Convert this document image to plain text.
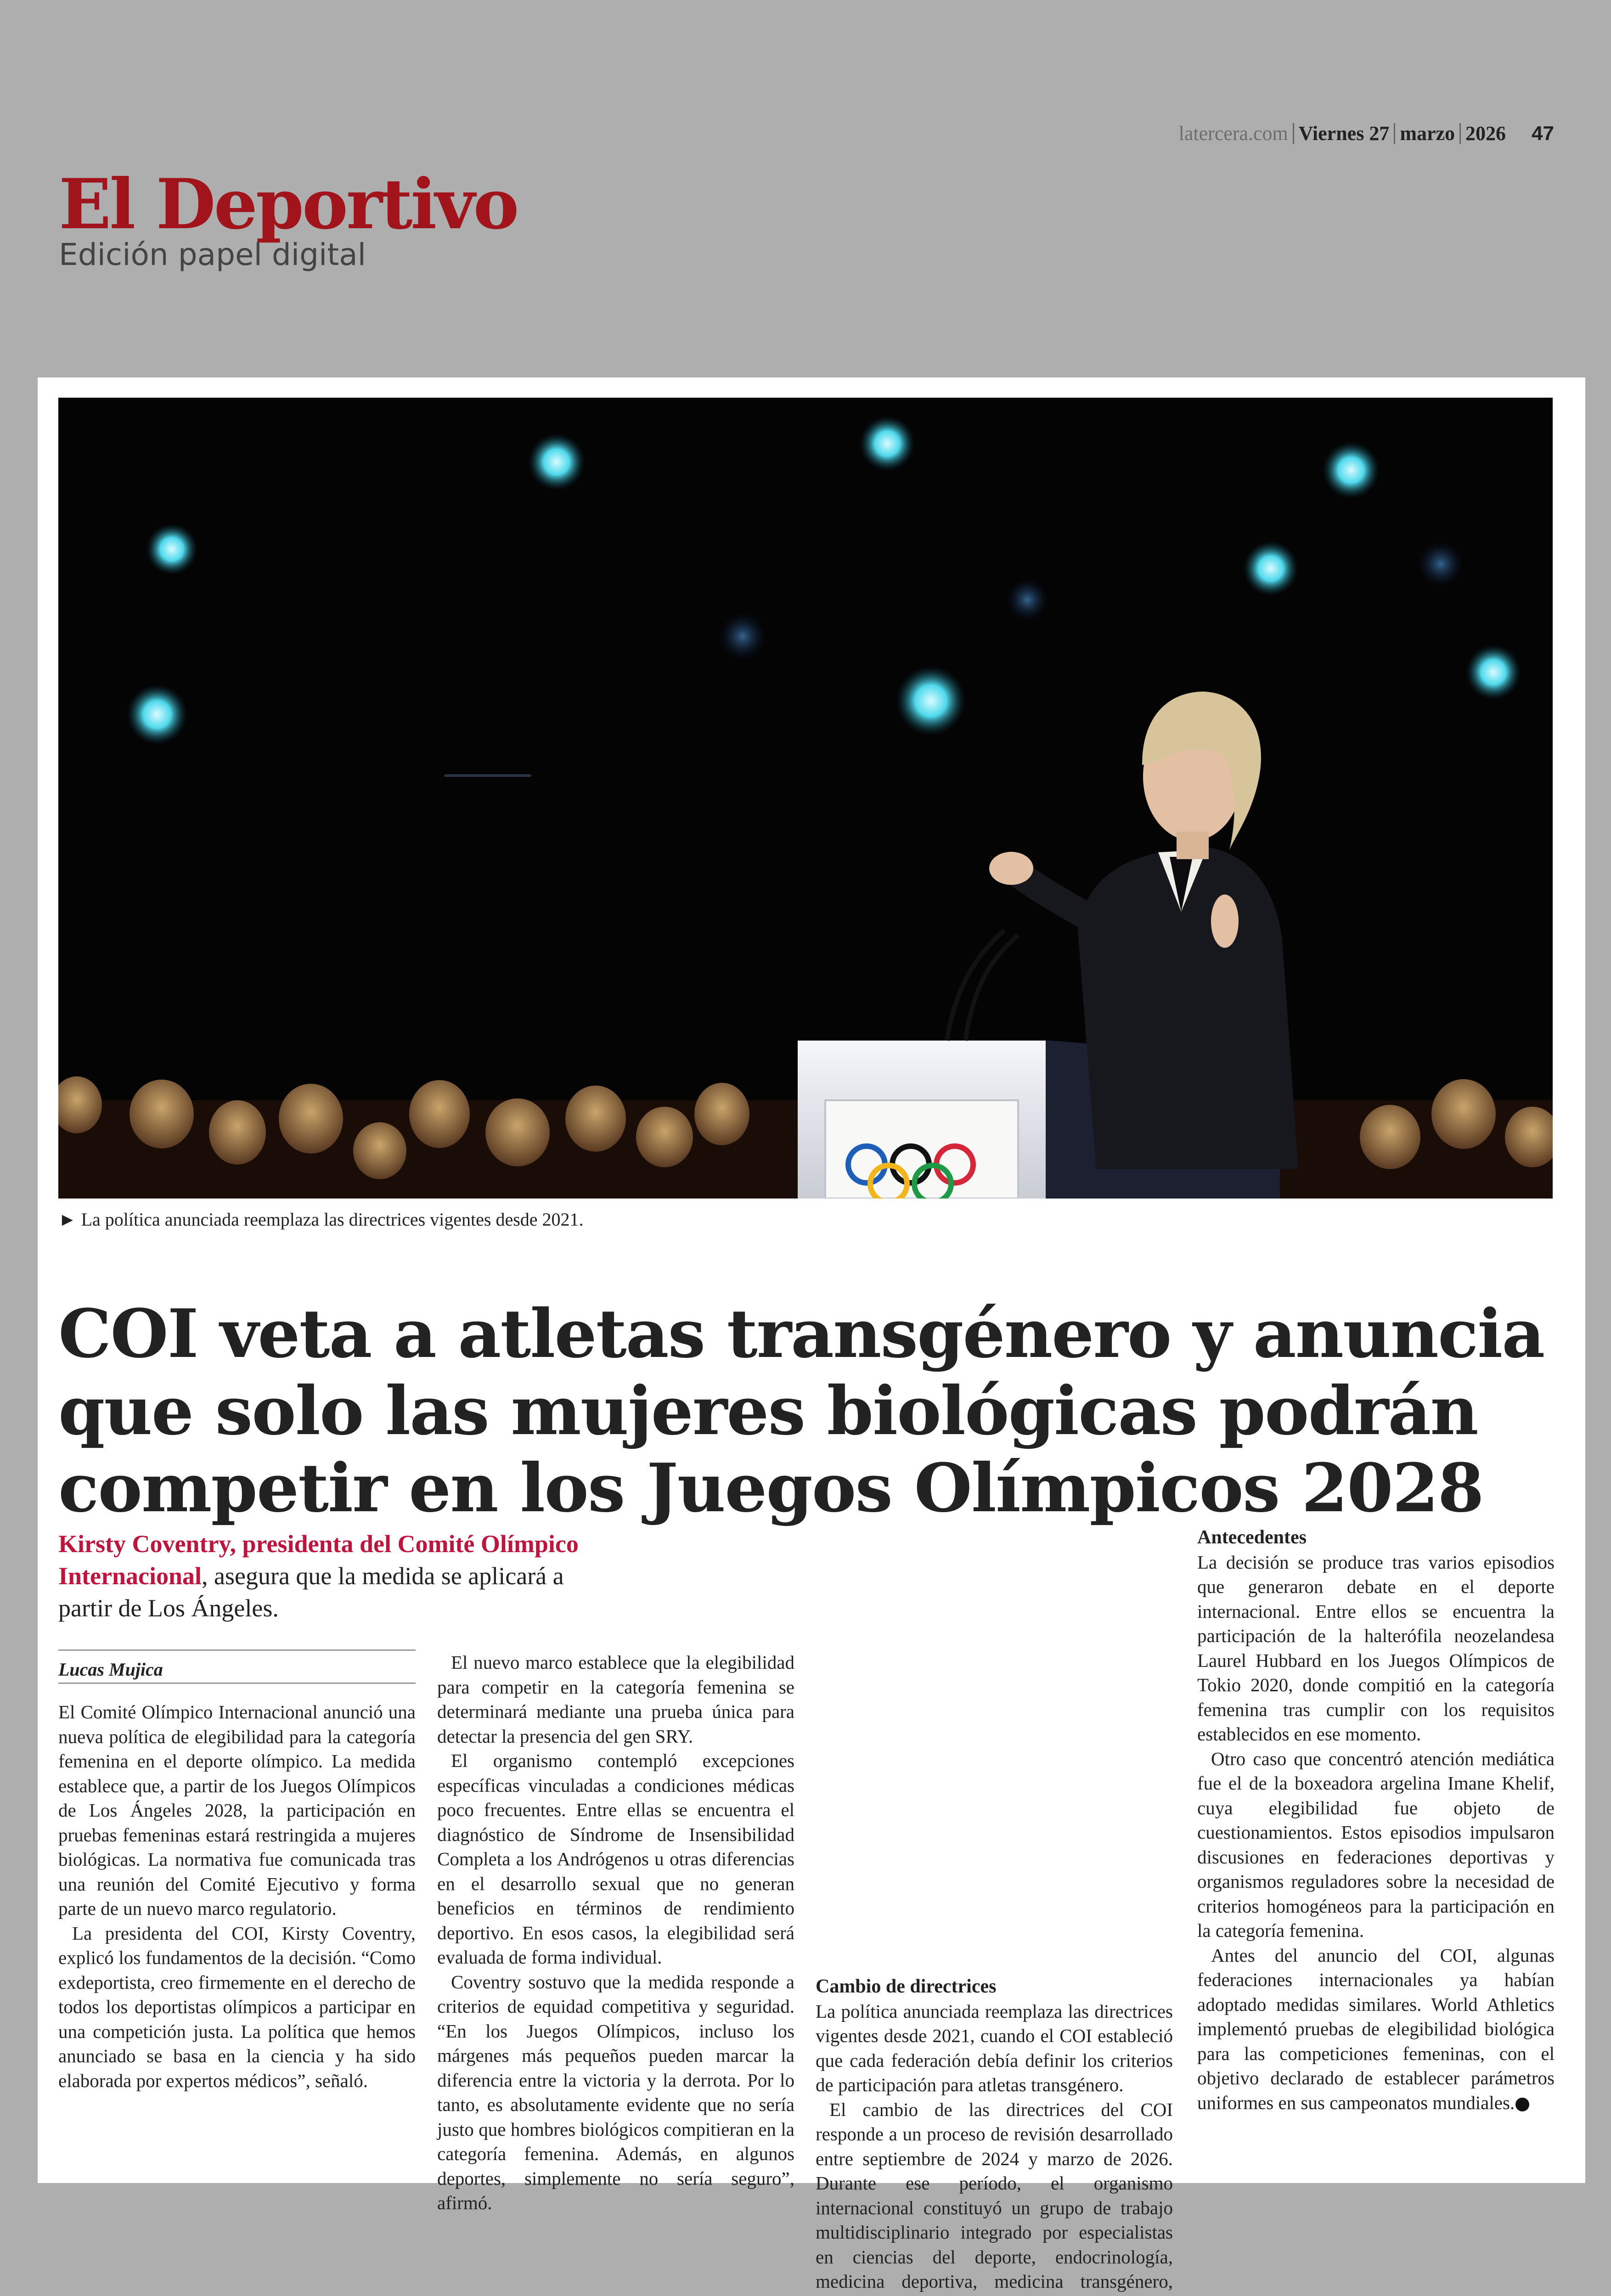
El Deportivo
Edición papel digital
latercera.com Viernes 27 marzo 2026 47
► La política anunciada reemplaza las directrices vigentes desde 2021.
COI veta a atletas transgénero y anuncia que solo las mujeres biológicas podrán competir en los Juegos Olímpicos 2028
Kirsty Coventry, presidenta del Comité Olímpico Internacional, asegura que la medida se aplicará a partir de Los Ángeles.
Lucas Mujica

El Comité Olímpico Internacional anunció una nueva política de elegibilidad para la categoría femenina en el deporte olímpico. La medida establece que, a partir de los Juegos Olímpicos de Los Ángeles 2028, la participación en pruebas femeninas estará restringida a mujeres biológicas. La normativa fue comunicada tras una reunión del Comité Ejecutivo y forma parte de un nuevo marco regulatorio.

La presidenta del COI, Kirsty Coventry, explicó los fundamentos de la decisión. “Como exdeportista, creo firmemente en el derecho de todos los deportistas olímpicos a participar en una competición justa. La política que hemos anunciado se basa en la ciencia y ha sido elaborada por expertos médicos”, señaló.

El nuevo marco establece que la elegibilidad para competir en la categoría femenina se determinará mediante una prueba única para detectar la presencia del gen SRY.

El organismo contempló excepciones específicas vinculadas a condiciones médicas poco frecuentes. Entre ellas se encuentra el diagnóstico de Síndrome de Insensibilidad Completa a los Andrógenos u otras diferencias en el desarrollo sexual que no generan beneficios en términos de rendimiento deportivo. En esos casos, la elegibilidad será evaluada de forma individual.

Coventry sostuvo que la medida responde a criterios de equidad competitiva y seguridad. “En los Juegos Olímpicos, incluso los márgenes más pequeños pueden marcar la diferencia entre la victoria y la derrota. Por lo tanto, es absolutamente evidente que no sería justo que hombres biológicos compitieran en la categoría femenina. Además, en algunos deportes, simplemente no sería seguro”, afirmó.

Cambio de directrices

La política anunciada reemplaza las directrices vigentes desde 2021, cuando el COI estableció que cada federación debía definir los criterios de participación para atletas transgénero.

El cambio de las directrices del COI responde a un proceso de revisión desarrollado entre septiembre de 2024 y marzo de 2026. Durante ese período, el organismo internacional constituyó un grupo de trabajo multidisciplinario integrado por especialistas en ciencias del deporte, endocrinología, medicina deportiva, medicina transgénero,

Antecedentes

La decisión se produce tras varios episodios que generaron debate en el deporte internacional. Entre ellos se encuentra la participación de la halterófila neozelandesa Laurel Hubbard en los Juegos Olímpicos de Tokio 2020, donde compitió en la categoría femenina tras cumplir con los requisitos establecidos en ese momento.

Otro caso que concentró atención mediática fue el de la boxeadora argelina Imane Khelif, cuya elegibilidad fue objeto de cuestionamientos. Estos episodios impulsaron discusiones en federaciones deportivas y organismos reguladores sobre la necesidad de criterios homogéneos para la participación en la categoría femenina.

Antes del anuncio del COI, algunas federaciones internacionales ya habían adoptado medidas similares. World Athletics implementó pruebas de elegibilidad biológica para las competiciones femeninas, con el objetivo declarado de establecer parámetros uniformes en sus campeonatos mundiales.
